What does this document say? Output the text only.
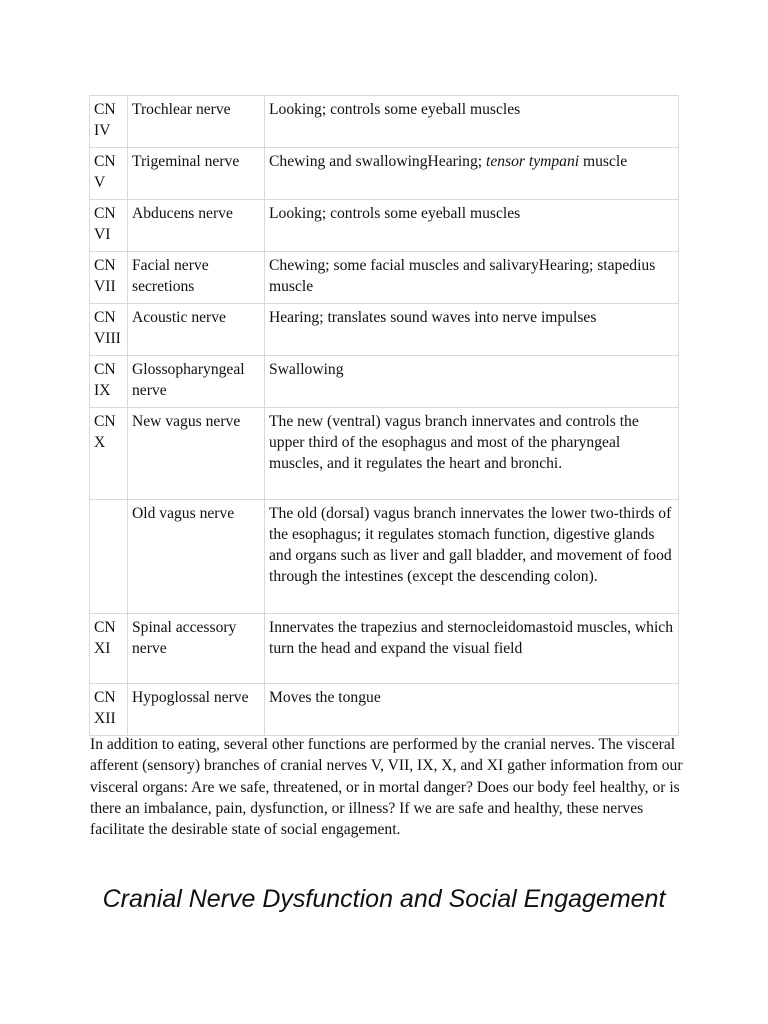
CN IV	Trochlear nerve	Looking; controls some eyeball muscles
CN V	Trigeminal nerve	Chewing and swallowingHearing; tensor tympani muscle
CN VI	Abducens nerve	Looking; controls some eyeball muscles
CN VII	Facial nerve secretions	Chewing; some facial muscles and salivaryHearing; stapedius muscle
CN VIII	Acoustic nerve	Hearing; translates sound waves into nerve impulses
CN IX	Glossopharyngeal nerve	Swallowing
CN X	New vagus nerve	The new (ventral) vagus branch innervates and controls the upper third of the esophagus and most of the pharyngeal muscles, and it regulates the heart and bronchi.
	Old vagus nerve	The old (dorsal) vagus branch innervates the lower two-thirds of the esophagus; it regulates stomach function, digestive glands and organs such as liver and gall bladder, and movement of food through the intestines (except the descending colon).
CN XI	Spinal accessory nerve	Innervates the trapezius and sternocleidomastoid muscles, which turn the head and expand the visual field
CN XII	Hypoglossal nerve	Moves the tongue

In addition to eating, several other functions are performed by the cranial nerves. The visceral afferent (sensory) branches of cranial nerves V, VII, IX, X, and XI gather information from our visceral organs: Are we safe, threatened, or in mortal danger? Does our body feel healthy, or is there an imbalance, pain, dysfunction, or illness? If we are safe and healthy, these nerves facilitate the desirable state of social engagement.

Cranial Nerve Dysfunction and Social Engagement
